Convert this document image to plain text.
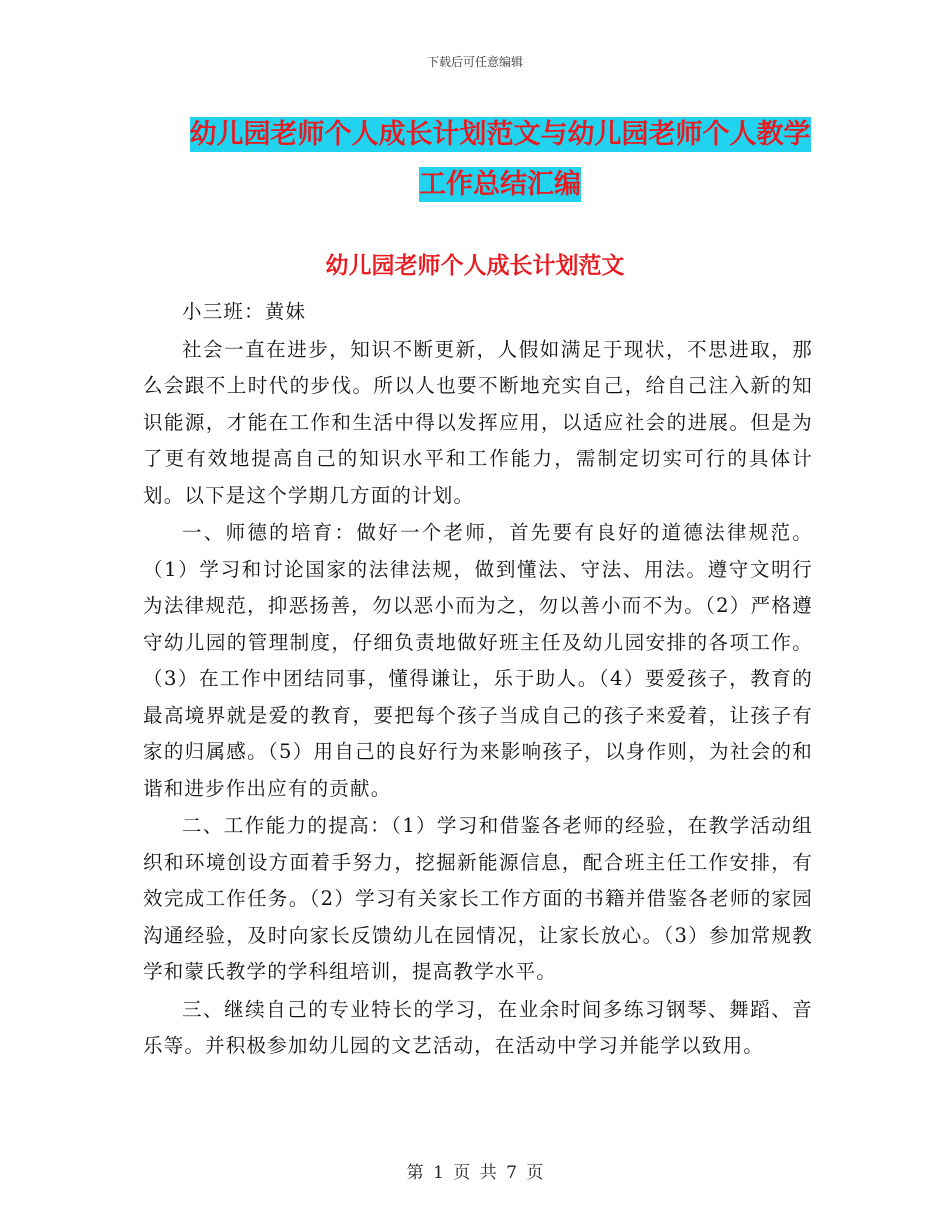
下载后可任意编辑
幼儿园老师个人成长计划范文与幼儿园老师个人教学
工作总结汇编
幼儿园老师个人成长计划范文

小三班：黄妹

社会一直在进步，知识不断更新，人假如满足于现状，不思进取，那么会跟不上时代的步伐。所以人也要不断地充实自己，给自己注入新的知识能源，才能在工作和生活中得以发挥应用，以适应社会的进展。但是为了更有效地提高自己的知识水平和工作能力，需制定切实可行的具体计划。以下是这个学期几方面的计划。

一、师德的培育：做好一个老师，首先要有良好的道德法律规范。（1）学习和讨论国家的法律法规，做到懂法、守法、用法。遵守文明行为法律规范，抑恶扬善，勿以恶小而为之，勿以善小而不为。（2）严格遵守幼儿园的管理制度，仔细负责地做好班主任及幼儿园安排的各项工作。（3）在工作中团结同事，懂得谦让，乐于助人。（4）要爱孩子，教育的最高境界就是爱的教育，要把每个孩子当成自己的孩子来爱着，让孩子有家的归属感。（5）用自己的良好行为来影响孩子，以身作则，为社会的和谐和进步作出应有的贡献。

二、工作能力的提高：（1）学习和借鉴各老师的经验，在教学活动组织和环境创设方面着手努力，挖掘新能源信息，配合班主任工作安排，有效完成工作任务。（2）学习有关家长工作方面的书籍并借鉴各老师的家园沟通经验，及时向家长反馈幼儿在园情况，让家长放心。（3）参加常规教学和蒙氏教学的学科组培训，提高教学水平。

三、继续自己的专业特长的学习，在业余时间多练习钢琴、舞蹈、音乐等。并积极参加幼儿园的文艺活动，在活动中学习并能学以致用。

第 1 页 共 7 页
